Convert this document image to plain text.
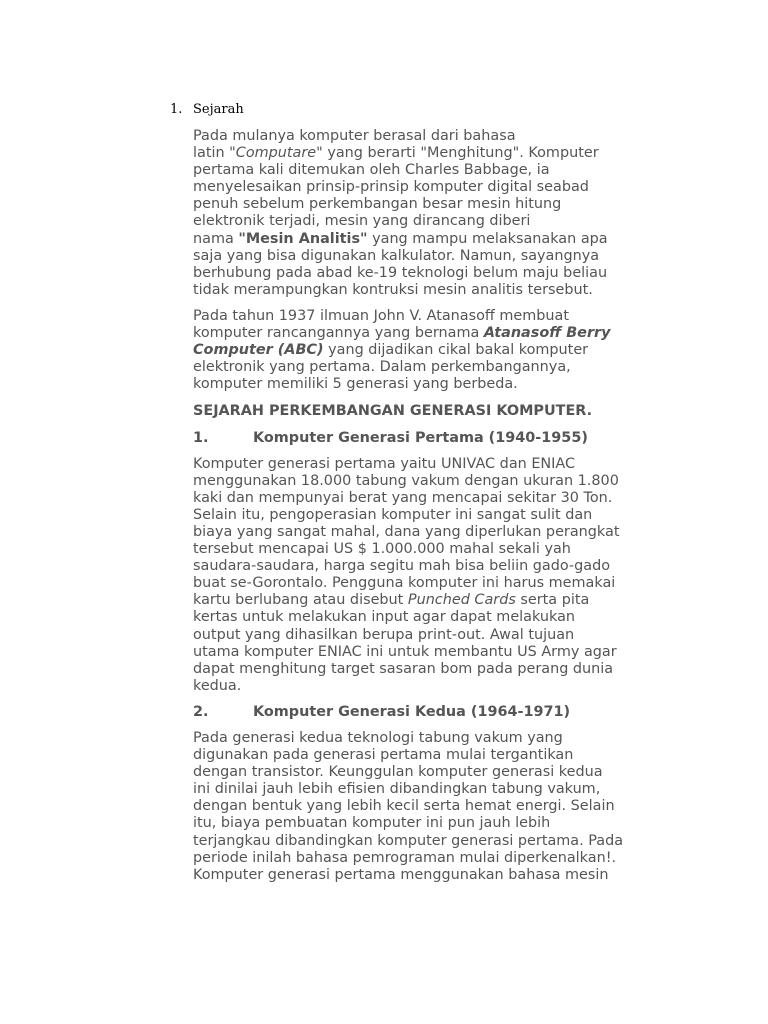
1. Sejarah

Pada mulanya komputer berasal dari bahasa
latin "Computare" yang berarti "Menghitung". Komputer
pertama kali ditemukan oleh Charles Babbage, ia
menyelesaikan prinsip-prinsip komputer digital seabad
penuh sebelum perkembangan besar mesin hitung
elektronik terjadi, mesin yang dirancang diberi
nama "Mesin Analitis" yang mampu melaksanakan apa
saja yang bisa digunakan kalkulator. Namun, sayangnya
berhubung pada abad ke-19 teknologi belum maju beliau
tidak merampungkan kontruksi mesin analitis tersebut.

Pada tahun 1937 ilmuan John V. Atanasoff membuat
komputer rancangannya yang bernama Atanasoff Berry
Computer (ABC) yang dijadikan cikal bakal komputer
elektronik yang pertama. Dalam perkembangannya,
komputer memiliki 5 generasi yang berbeda.

SEJARAH PERKEMBANGAN GENERASI KOMPUTER.
1.	Komputer Generasi Pertama (1940-1955)

Komputer generasi pertama yaitu UNIVAC dan ENIAC
menggunakan 18.000 tabung vakum dengan ukuran 1.800
kaki dan mempunyai berat yang mencapai sekitar 30 Ton.
Selain itu, pengoperasian komputer ini sangat sulit dan
biaya yang sangat mahal, dana yang diperlukan perangkat
tersebut mencapai US $ 1.000.000 mahal sekali yah
saudara-saudara, harga segitu mah bisa beliin gado-gado
buat se-Gorontalo. Pengguna komputer ini harus memakai
kartu berlubang atau disebut Punched Cards serta pita
kertas untuk melakukan input agar dapat melakukan
output yang dihasilkan berupa print-out. Awal tujuan
utama komputer ENIAC ini untuk membantu US Army agar
dapat menghitung target sasaran bom pada perang dunia
kedua.

2.	Komputer Generasi Kedua (1964-1971)

Pada generasi kedua teknologi tabung vakum yang
digunakan pada generasi pertama mulai tergantikan
dengan transistor. Keunggulan komputer generasi kedua
ini dinilai jauh lebih efisien dibandingkan tabung vakum,
dengan bentuk yang lebih kecil serta hemat energi. Selain
itu, biaya pembuatan komputer ini pun jauh lebih
terjangkau dibandingkan komputer generasi pertama. Pada
periode inilah bahasa pemrograman mulai diperkenalkan!.
Komputer generasi pertama menggunakan bahasa mesin
